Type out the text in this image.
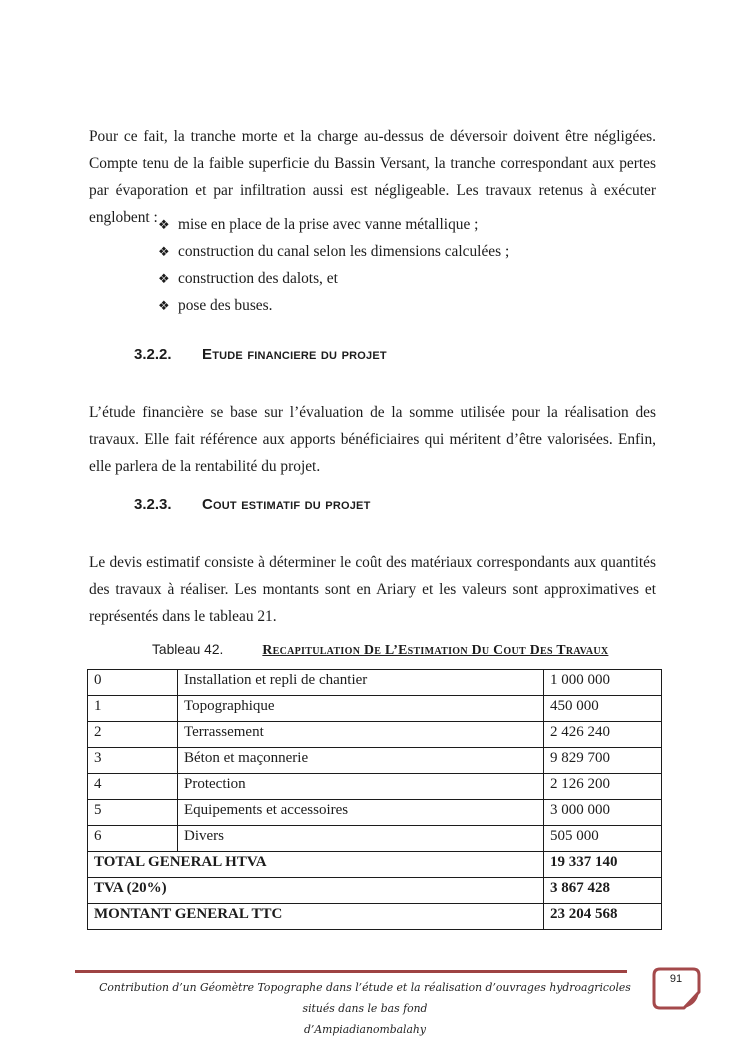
Pour ce fait, la tranche morte et la charge au-dessus de déversoir doivent être négligées. Compte tenu de la faible superficie du Bassin Versant, la tranche correspondant aux pertes par évaporation et par infiltration aussi est négligeable. Les travaux retenus à exécuter englobent : ❖ mise en place de la prise avec vanne métallique ;
❖ construction du canal selon les dimensions calculées ;
❖ construction des dalots, et
❖ pose des buses.
3.2.2.	Etude financiere du projet

L’étude financière se base sur l’évaluation de la somme utilisée pour la réalisation des travaux. Elle fait référence aux apports bénéficiaires qui méritent d’être valorisées. Enfin, elle parlera de la rentabilité du projet.

3.2.3.	Cout estimatif du projet

Le devis estimatif consiste à déterminer le coût des matériaux correspondants aux quantités des travaux à réaliser. Les montants sont en Ariary et les valeurs sont approximatives et représentés dans le tableau 21.

Tableau 42.	Recapitulation De L’Estimation Du Cout Des Travaux
0	Installation et repli de chantier	1 000 000
1	Topographique	450 000
2	Terrassement	2 426 240
3	Béton et maçonnerie	9 829 700
4	Protection	2 126 200
5	Equipements et accessoires	3 000 000
6	Divers	505 000
TOTAL GENERAL HTVA		19 337 140
TVA (20%)		3 867 428
MONTANT GENERAL TTC		23 204 568
Contribution d’un Géomètre Topographe dans l’étude et la réalisation d’ouvrages hydroagricoles situés dans le bas fond
d’Ampiadianombalahy
91
